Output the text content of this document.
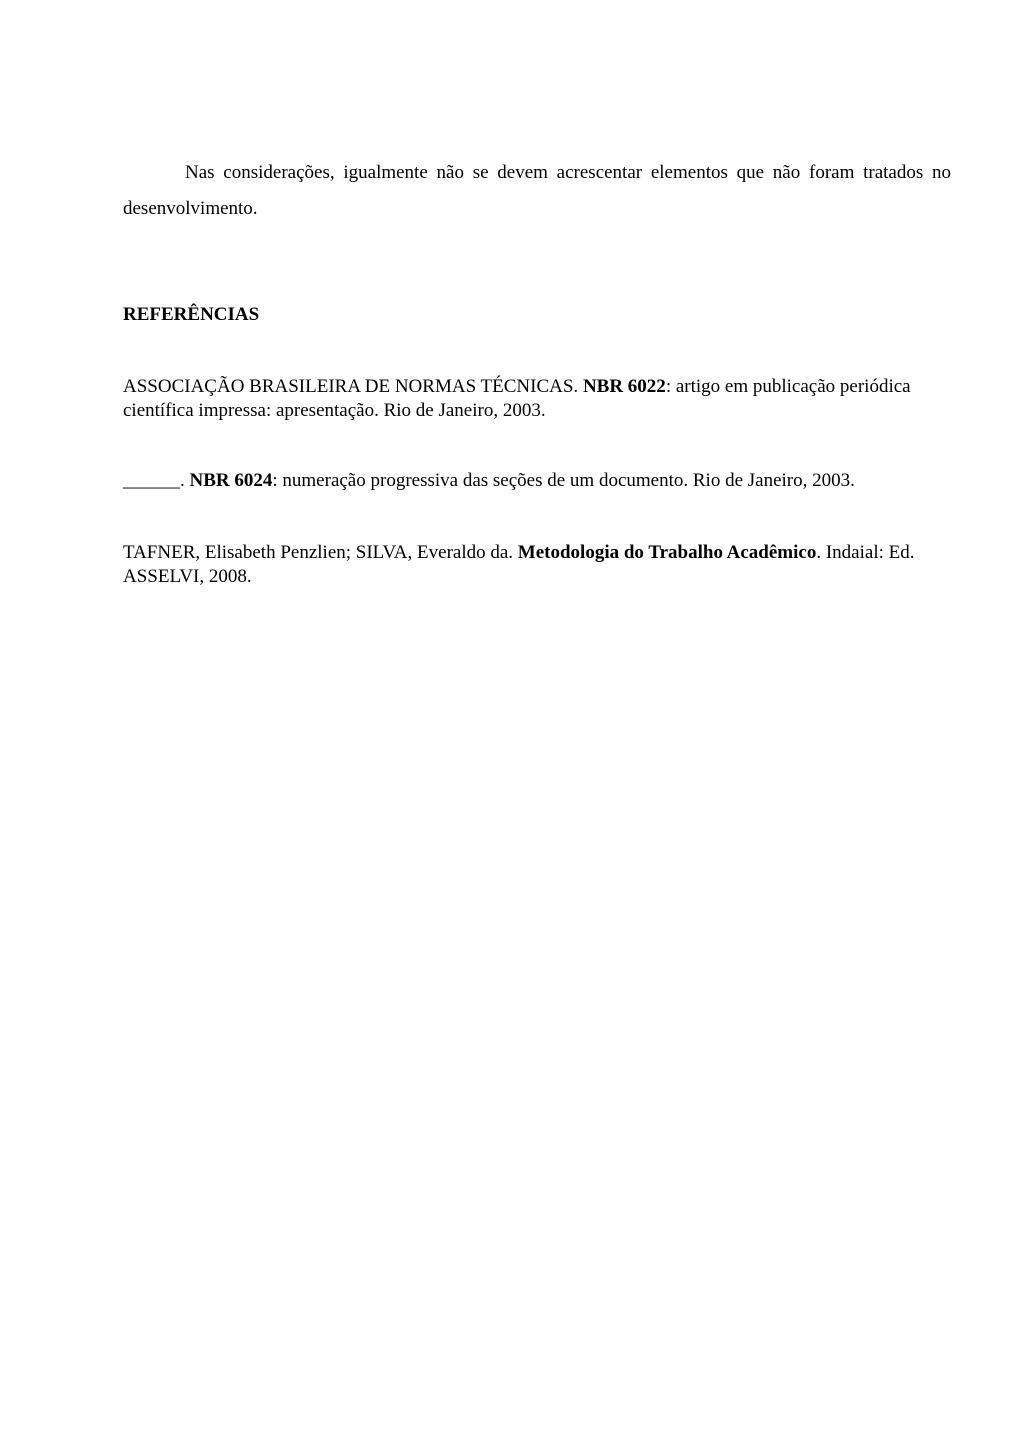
Nas considerações, igualmente não se devem acrescentar elementos que não foram tratados no desenvolvimento.

REFERÊNCIAS
ASSOCIAÇÃO BRASILEIRA DE NORMAS TÉCNICAS. NBR 6022: artigo em publicação periódica científica impressa: apresentação. Rio de Janeiro, 2003.
______. NBR 6024: numeração progressiva das seções de um documento. Rio de Janeiro, 2003.
TAFNER, Elisabeth Penzlien; SILVA, Everaldo da. Metodologia do Trabalho Acadêmico. Indaial: Ed. ASSELVI, 2008.
